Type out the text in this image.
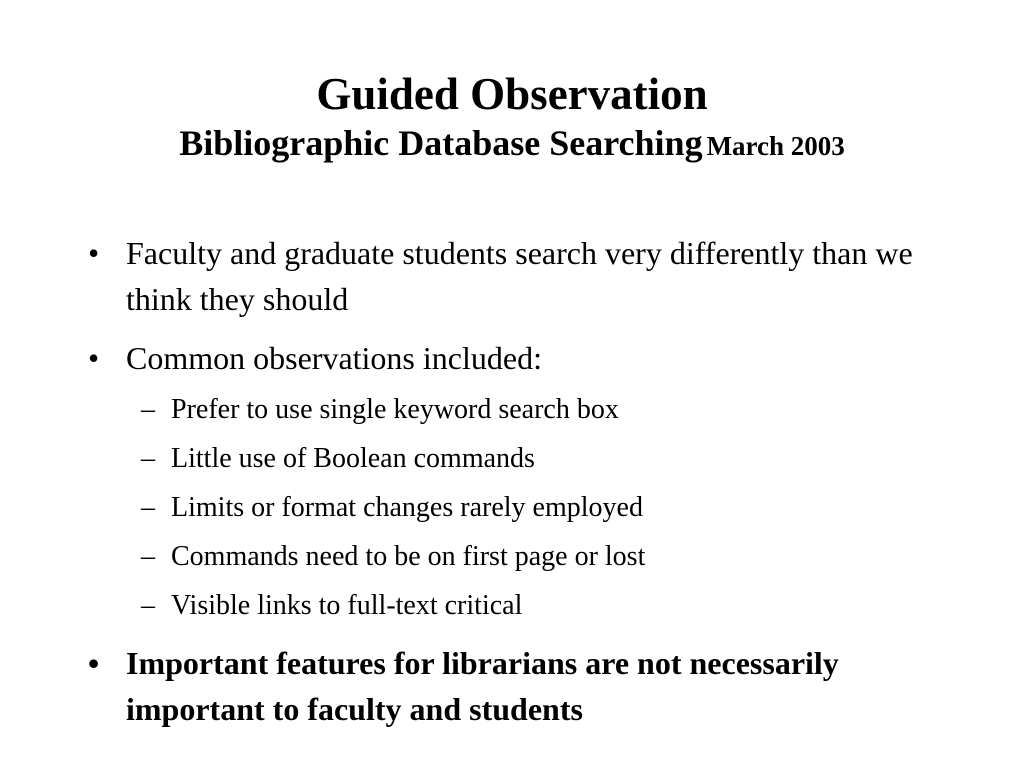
Guided Observation

Bibliographic Database Searching March 2003

• Faculty and graduate students search very differently than we think they should
• Common observations included:
– Prefer to use single keyword search box
– Little use of Boolean commands
– Limits or format changes rarely employed
– Commands need to be on first page or lost
– Visible links to full-text critical
• Important features for librarians are not necessarily important to faculty and students
